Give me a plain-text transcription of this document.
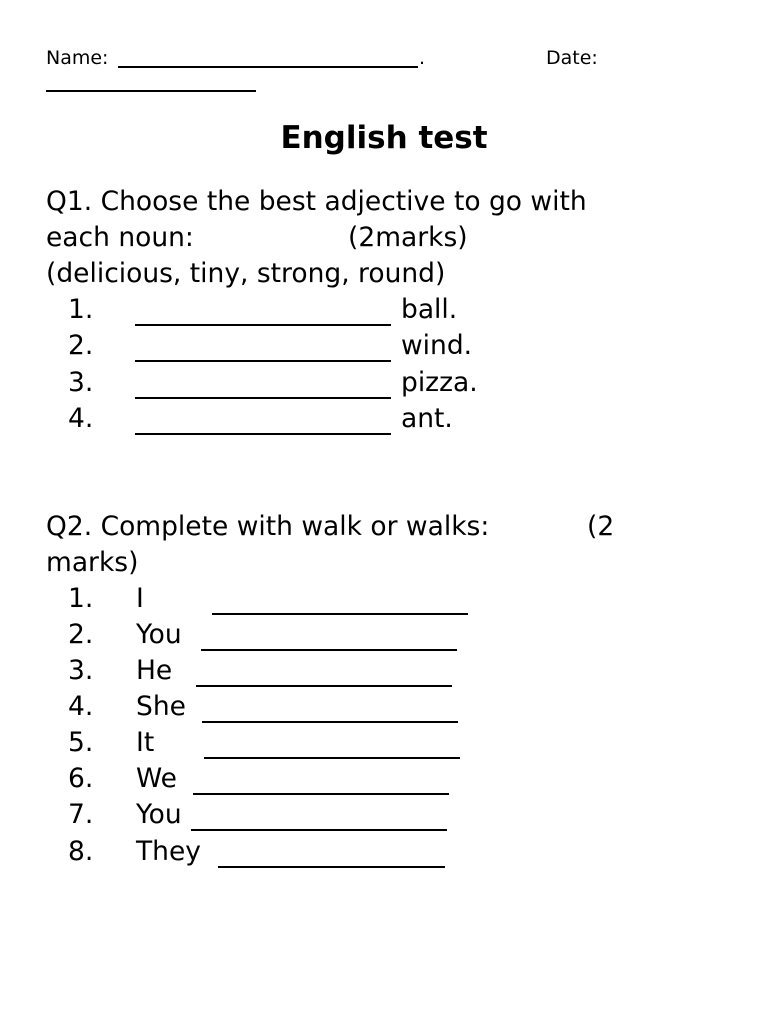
Name:	.	Date:
English test
Q1. Choose the best adjective to go with
each noun:	(2marks)
(delicious, tiny, strong, round)
1.	ball.
2.	wind.
3.	pizza.
4.	ant.
Q2. Complete with walk or walks:	(2
marks)
1. I
2. You
3. He
4. She
5. It
6. We
7. You
8. They
